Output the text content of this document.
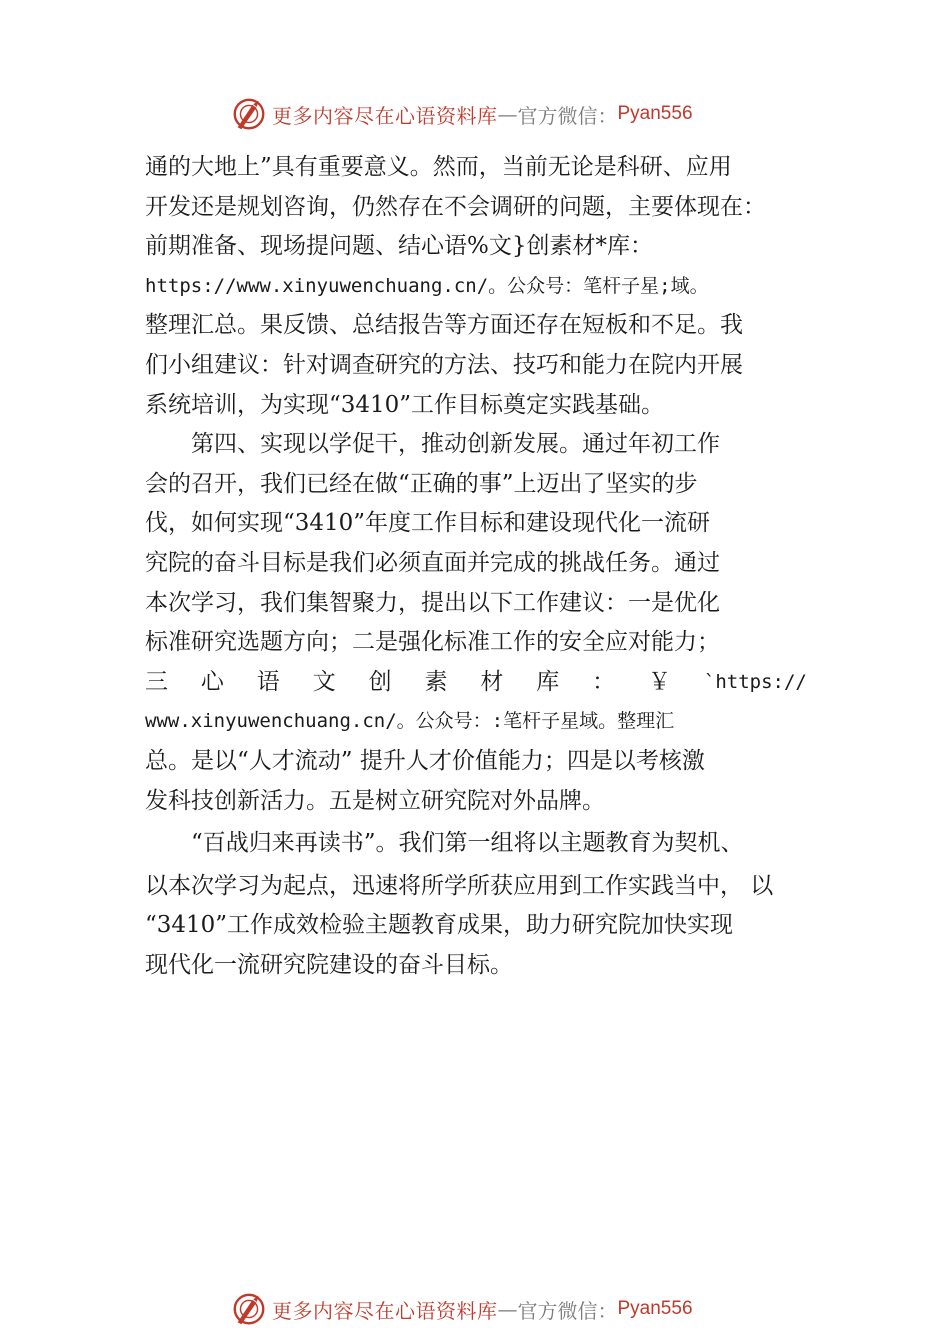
更多内容尽在心语资料库 — 官方微信： Pyan556
通的大地上”具有重要意义。然而，当前无论是科研、应用
开发还是规划咨询，仍然存在不会调研的问题，主要体现在：
前期准备、现场提问题、结心语%文}创素材*库：
https://www.xinyuwenchuang.cn/。公众号：笔杆子星;域。
整理汇总。果反馈、总结报告等方面还存在短板和不足。我
们小组建议：针对调查研究的方法、技巧和能力在院内开展
系统培训，为实现“3410”工作目标奠定实践基础。
　　第四、实现以学促干，推动创新发展。通过年初工作
会的召开，我们已经在做“正确的事”上迈出了坚实的步
伐，如何实现“3410”年度工作目标和建设现代化一流研
究院的奋斗目标是我们必须直面并完成的挑战任务。通过
本次学习，我们集智聚力，提出以下工作建议：一是优化
标准研究选题方向；二是强化标准工作的安全应对能力；
三 心 语 文 创 素 材 库 ： ￥ `https://
www.xinyuwenchuang.cn/。公众号：:笔杆子星域。整理汇
总。是以“人才流动” 提升人才价值能力；四是以考核激
发科技创新活力。五是树立研究院对外品牌。
　　“百战归来再读书”。我们第一组将以主题教育为契机、
以本次学习为起点，迅速将所学所获应用到工作实践当中， 以
“3410”工作成效检验主题教育成果，助力研究院加快实现
现代化一流研究院建设的奋斗目标。
更多内容尽在心语资料库 — 官方微信： Pyan556
